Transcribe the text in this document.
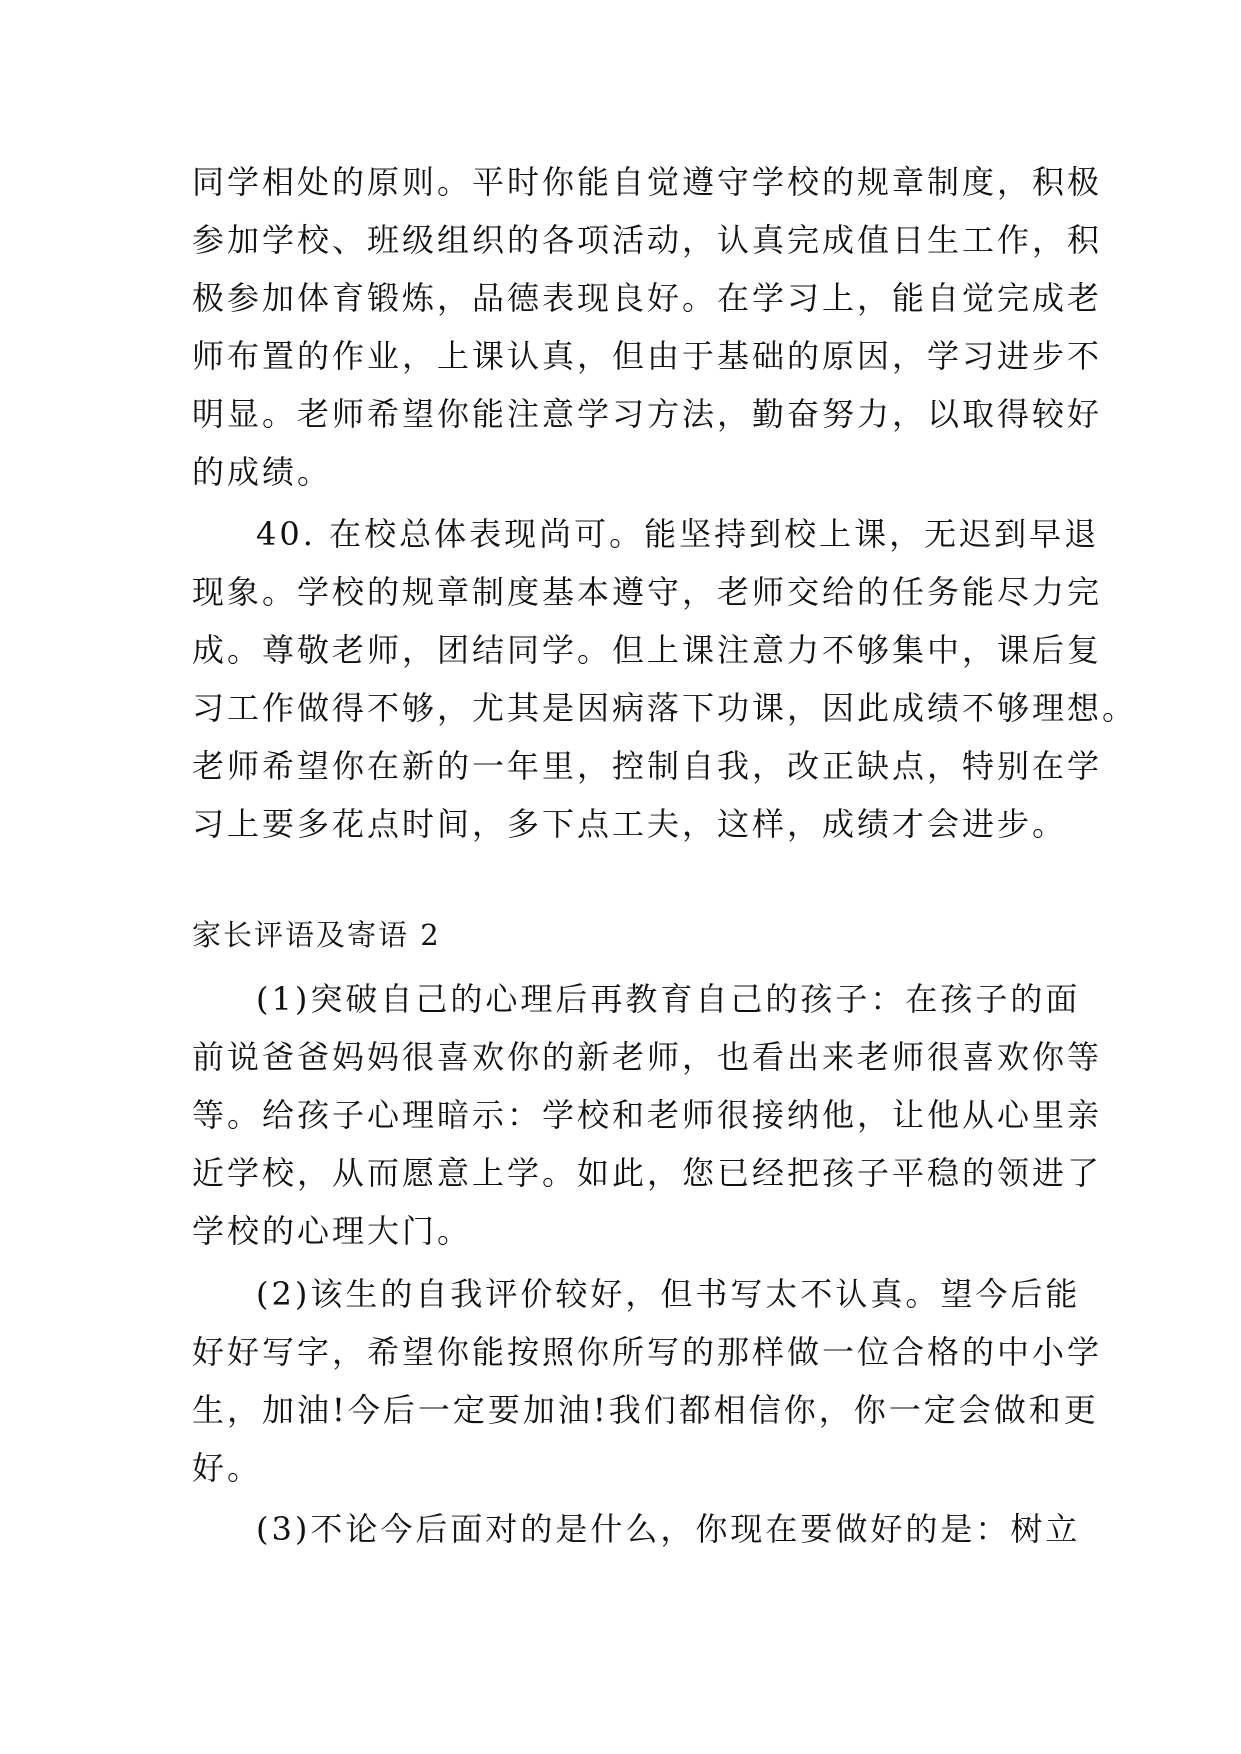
同学相处的原则。平时你能自觉遵守学校的规章制度，积极
参加学校、班级组织的各项活动，认真完成值日生工作，积
极参加体育锻炼，品德表现良好。在学习上，能自觉完成老
师布置的作业，上课认真，但由于基础的原因，学习进步不
明显。老师希望你能注意学习方法，勤奋努力，以取得较好
的成绩。
40. 在校总体表现尚可。能坚持到校上课，无迟到早退
现象。学校的规章制度基本遵守，老师交给的任务能尽力完
成。尊敬老师，团结同学。但上课注意力不够集中，课后复
习工作做得不够，尤其是因病落下功课，因此成绩不够理想。
老师希望你在新的一年里，控制自我，改正缺点，特别在学
习上要多花点时间，多下点工夫，这样，成绩才会进步。
家长评语及寄语 2
(1)突破自己的心理后再教育自己的孩子：在孩子的面
前说爸爸妈妈很喜欢你的新老师，也看出来老师很喜欢你等
等。给孩子心理暗示：学校和老师很接纳他，让他从心里亲
近学校，从而愿意上学。如此，您已经把孩子平稳的领进了
学校的心理大门。
(2)该生的自我评价较好，但书写太不认真。望今后能
好好写字，希望你能按照你所写的那样做一位合格的中小学
生，加油!今后一定要加油!我们都相信你，你一定会做和更
好。
(3)不论今后面对的是什么，你现在要做好的是：树立
